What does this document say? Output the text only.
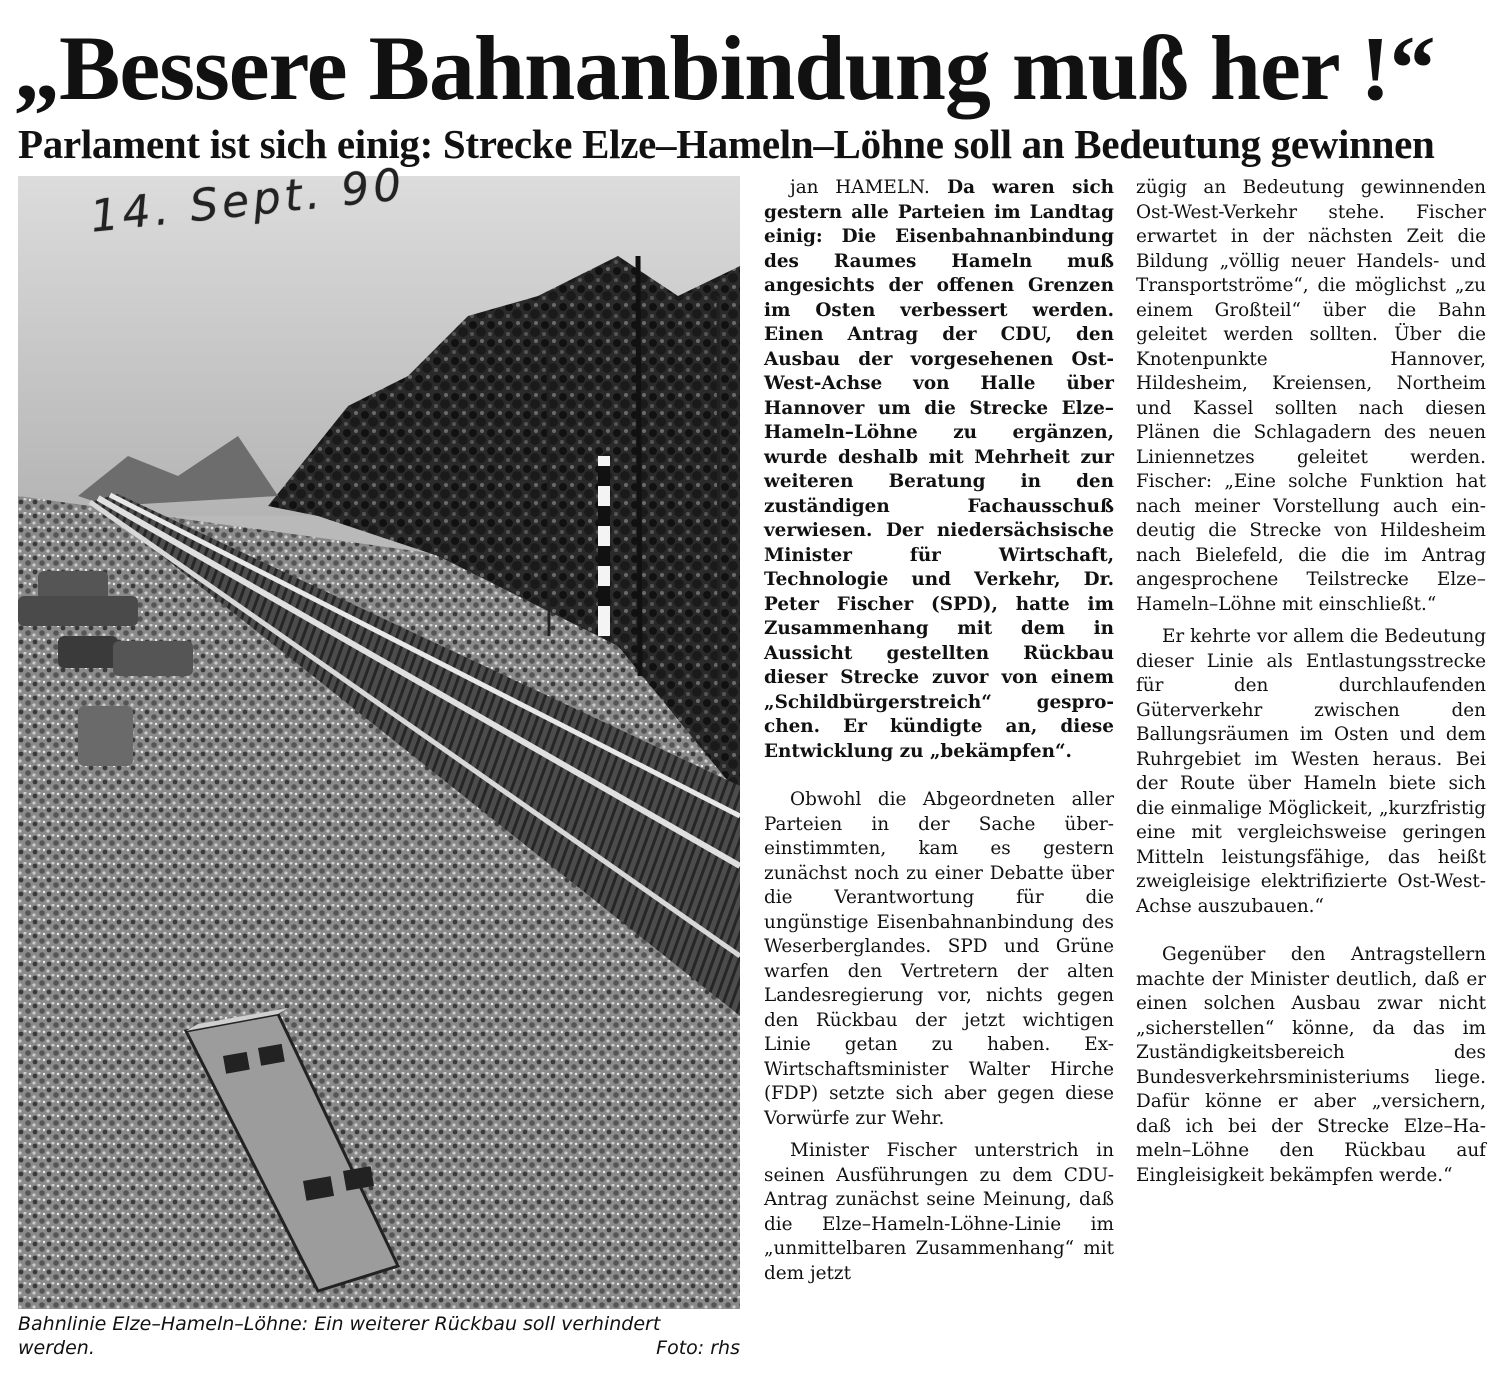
„Bessere Bahnanbindung muß her !“
Parlament ist sich einig: Strecke Elze–Hameln–Löhne soll an Bedeutung gewinnen
14. Sept. 90
Bahnlinie Elze–Hameln–Löhne: Ein weiterer Rückbau soll verhindert werden.	Foto: rhs

jan HAMELN. Da waren sich gestern alle Parteien im Landtag einig: Die Eisenbahnanbindung des Raumes Hameln muß angesichts der offenen Grenzen im Osten verbessert werden. Einen Antrag der CDU, den Ausbau der vorgesehenen Ost-West-Achse von Halle über Hannover um die Strecke Elze–Hameln–Löhne zu ergänzen, wurde deshalb mit Mehrheit zur weiteren Beratung in den zuständigen Fachausschuß verwiesen. Der niedersächsische Minister für Wirtschaft, Technologie und Verkehr, Dr. Peter Fischer (SPD), hatte im Zusammenhang mit dem in Aussicht gestellten Rückbau dieser Strecke zuvor von einem „Schildbürgerstreich“ gesprochen. Er kündigte an, diese Entwicklung zu „bekämpfen“.

Obwohl die Abgeordneten aller Parteien in der Sache übereinstimmten, kam es gestern zunächst noch zu einer Debatte über die Verantwortung für die ungünstige Eisenbahnanbindung des Weserberglandes. SPD und Grüne warfen den Vertretern der alten Landesregierung vor, nichts gegen den Rückbau der jetzt wichtigen Linie getan zu haben. Ex-Wirtschaftsminister Walter Hirche (FDP) setzte sich aber gegen diese Vorwürfe zur Wehr.

Minister Fischer unterstrich in seinen Ausführungen zu dem CDU-Antrag zunächst seine Meinung, daß die Elze–Hameln-Löhne-Linie im „unmittelbaren Zusammenhang“ mit dem jetzt

zügig an Bedeutung gewinnenden Ost-West-Verkehr stehe. Fischer erwartet in der nächsten Zeit die Bildung „völlig neuer Handels- und Transportströme“, die möglichst „zu einem Großteil“ über die Bahn geleitet werden sollten. Über die Knotenpunkte Hannover, Hildesheim, Kreiensen, Northeim und Kassel sollten nach diesen Plänen die Schlagadern des neuen Liniennetzes geleitet werden. Fischer: „Eine solche Funktion hat nach meiner Vorstellung auch eindeutig die Strecke von Hildesheim nach Bielefeld, die die im Antrag angesprochene Teilstrecke Elze–Hameln–Löhne mit einschließt.“

Er kehrte vor allem die Bedeutung dieser Linie als Entlastungsstrecke für den durchlaufenden Güterverkehr zwischen den Ballungsräumen im Osten und dem Ruhrgebiet im Westen heraus. Bei der Route über Hameln biete sich die einmalige Möglickeit, „kurzfristig eine mit vergleichsweise geringen Mitteln leistungsfähige, das heißt zweigleisige elektrifizierte Ost-West-Achse auszubauen.“

Gegenüber den Antragstellern machte der Minister deutlich, daß er einen solchen Ausbau zwar nicht „sicherstellen“ könne, da das im Zuständigkeitsbereich des Bundesverkehrsministeriums liege. Dafür könne er aber „versichern, daß ich bei der Strecke Elze–Hameln–Löhne den Rückbau auf Eingleisigkeit bekämpfen werde.“
